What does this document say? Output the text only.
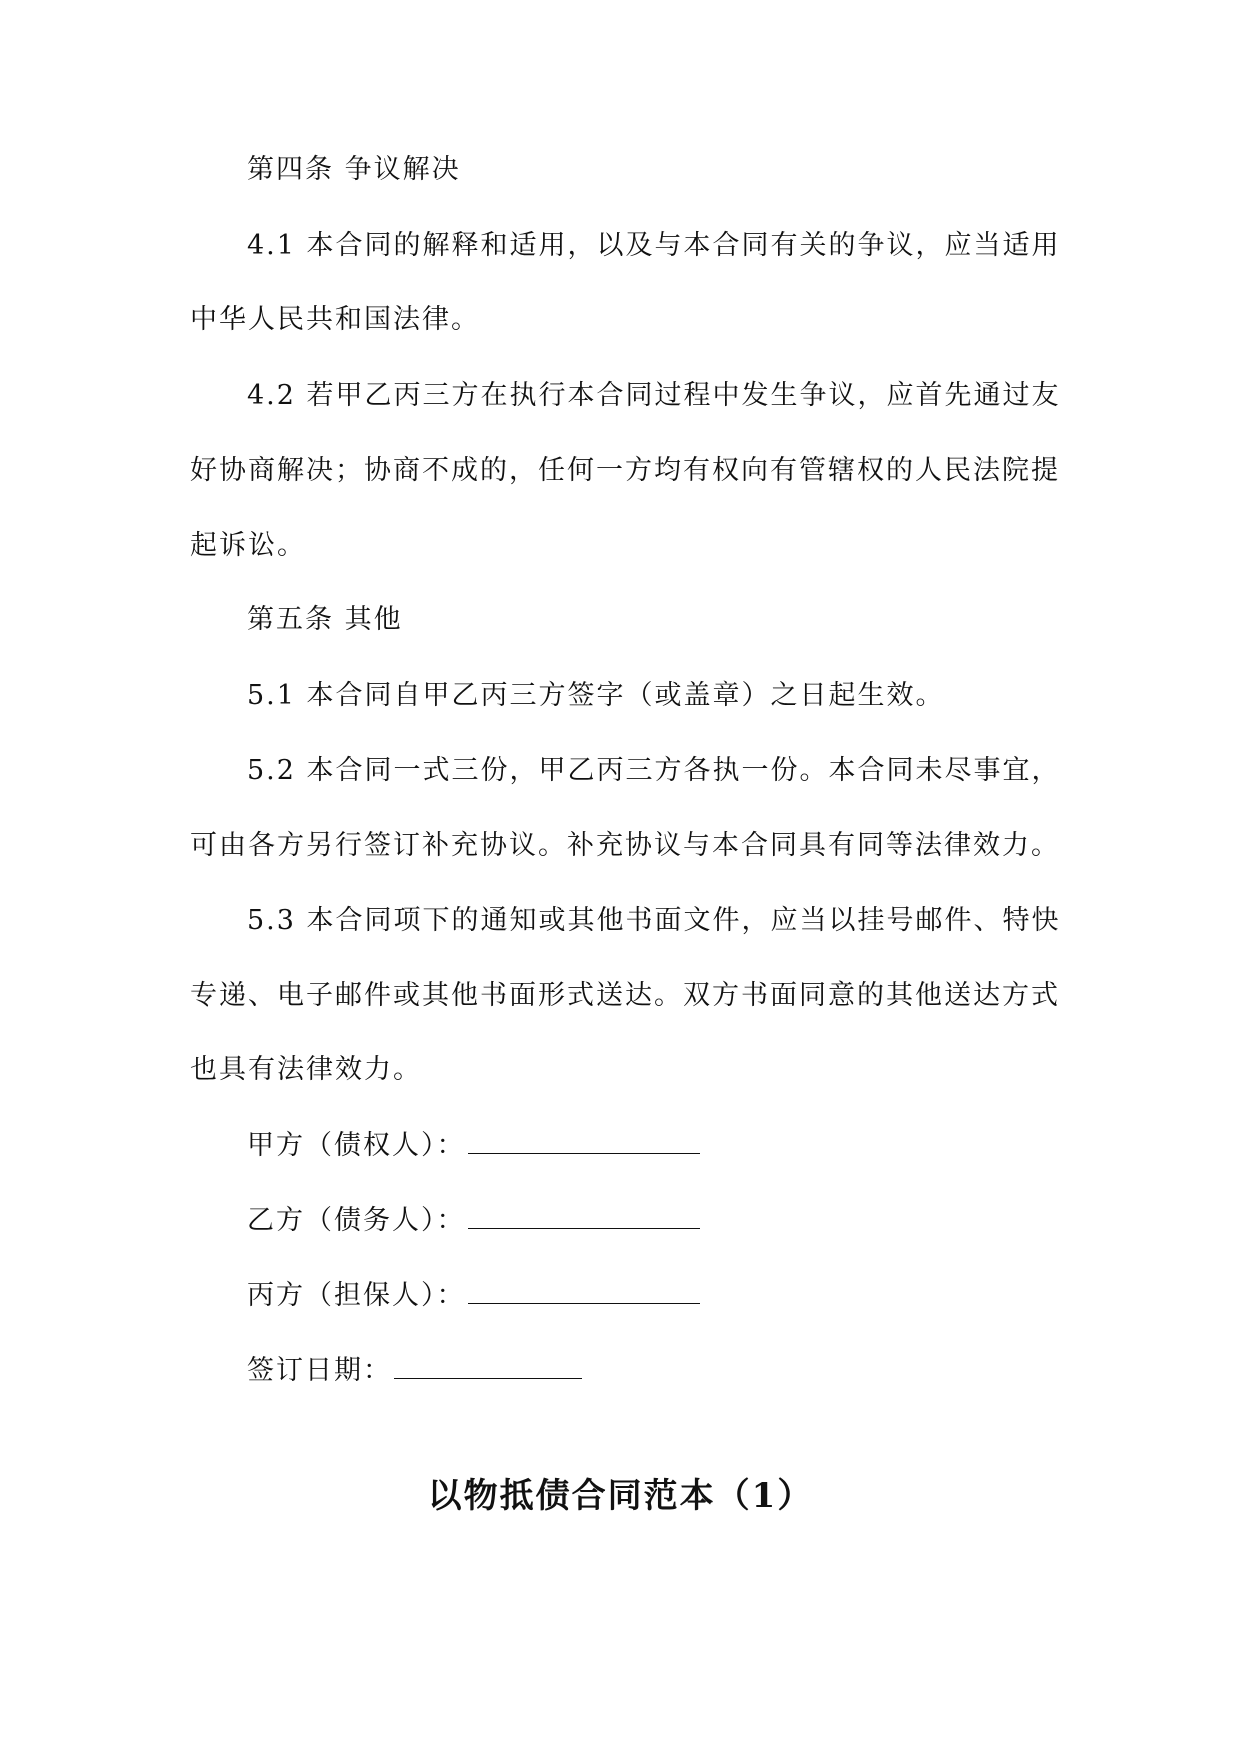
第四条 争议解决
4.1 本合同的解释和适用，以及与本合同有关的争议，应当适用
中华人民共和国法律。
4.2 若甲乙丙三方在执行本合同过程中发生争议，应首先通过友
好协商解决；协商不成的，任何一方均有权向有管辖权的人民法院提
起诉讼。
第五条 其他
5.1 本合同自甲乙丙三方签字（或盖章）之日起生效。
5.2 本合同一式三份，甲乙丙三方各执一份。本合同未尽事宜，
可由各方另行签订补充协议。补充协议与本合同具有同等法律效力。
5.3 本合同项下的通知或其他书面文件，应当以挂号邮件、特快
专递、电子邮件或其他书面形式送达。双方书面同意的其他送达方式
也具有法律效力。
甲方（债权人）：
乙方（债务人）：
丙方（担保人）：
签订日期：
以物抵债合同范本（1）
